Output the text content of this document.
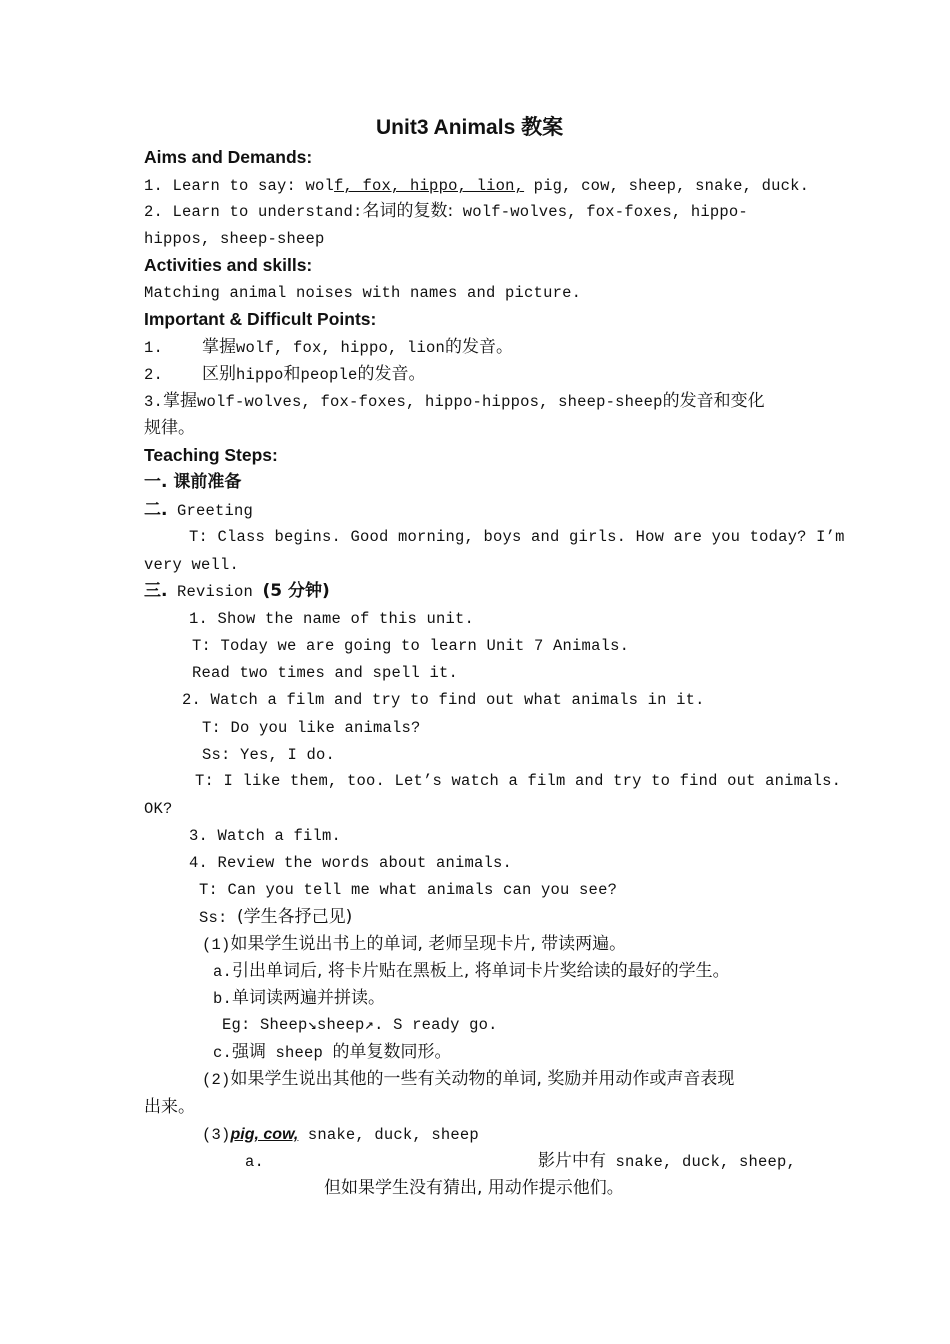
Unit3 Animals 教案
Aims and Demands:
1. Learn to say: wolf, fox, hippo, lion, pig, cow, sheep, snake, duck.
2. Learn to understand:名词的复数: wolf-wolves, fox-foxes, hippo-
hippos, sheep-sheep
Activities and skills:
Matching animal noises with names and picture.
Important & Difficult Points:
1. 掌握wolf, fox, hippo, lion的发音。
2. 区别hippo和people的发音。
3.掌握wolf-wolves, fox-foxes, hippo-hippos, sheep-sheep的发音和变化
规律。
Teaching Steps:
一. 课前准备
二. Greeting
T: Class begins. Good morning, boys and girls. How are you today? I’m
very well.
三. Revision (5 分钟)
1. Show the name of this unit.
T: Today we are going to learn Unit 7 Animals.
Read two times and spell it.
2. Watch a film and try to find out what animals in it.
T: Do you like animals?
Ss: Yes, I do.
T: I like them, too. Let’s watch a film and try to find out animals.
OK?
3. Watch a film.
4. Review the words about animals.
T: Can you tell me what animals can you see?
Ss: (学生各抒己见)
(1)如果学生说出书上的单词, 老师呈现卡片, 带读两遍。
a.引出单词后, 将卡片贴在黑板上, 将单词卡片奖给读的最好的学生。
b.单词读两遍并拼读。
Eg: Sheep↘sheep↗. S ready go.
c.强调 sheep 的单复数同形。
(2)如果学生说出其他的一些有关动物的单词, 奖励并用动作或声音表现
出来。
(3)pig, cow, snake, duck, sheep
a.	影片中有 snake, duck, sheep,
但如果学生没有猜出, 用动作提示他们。
